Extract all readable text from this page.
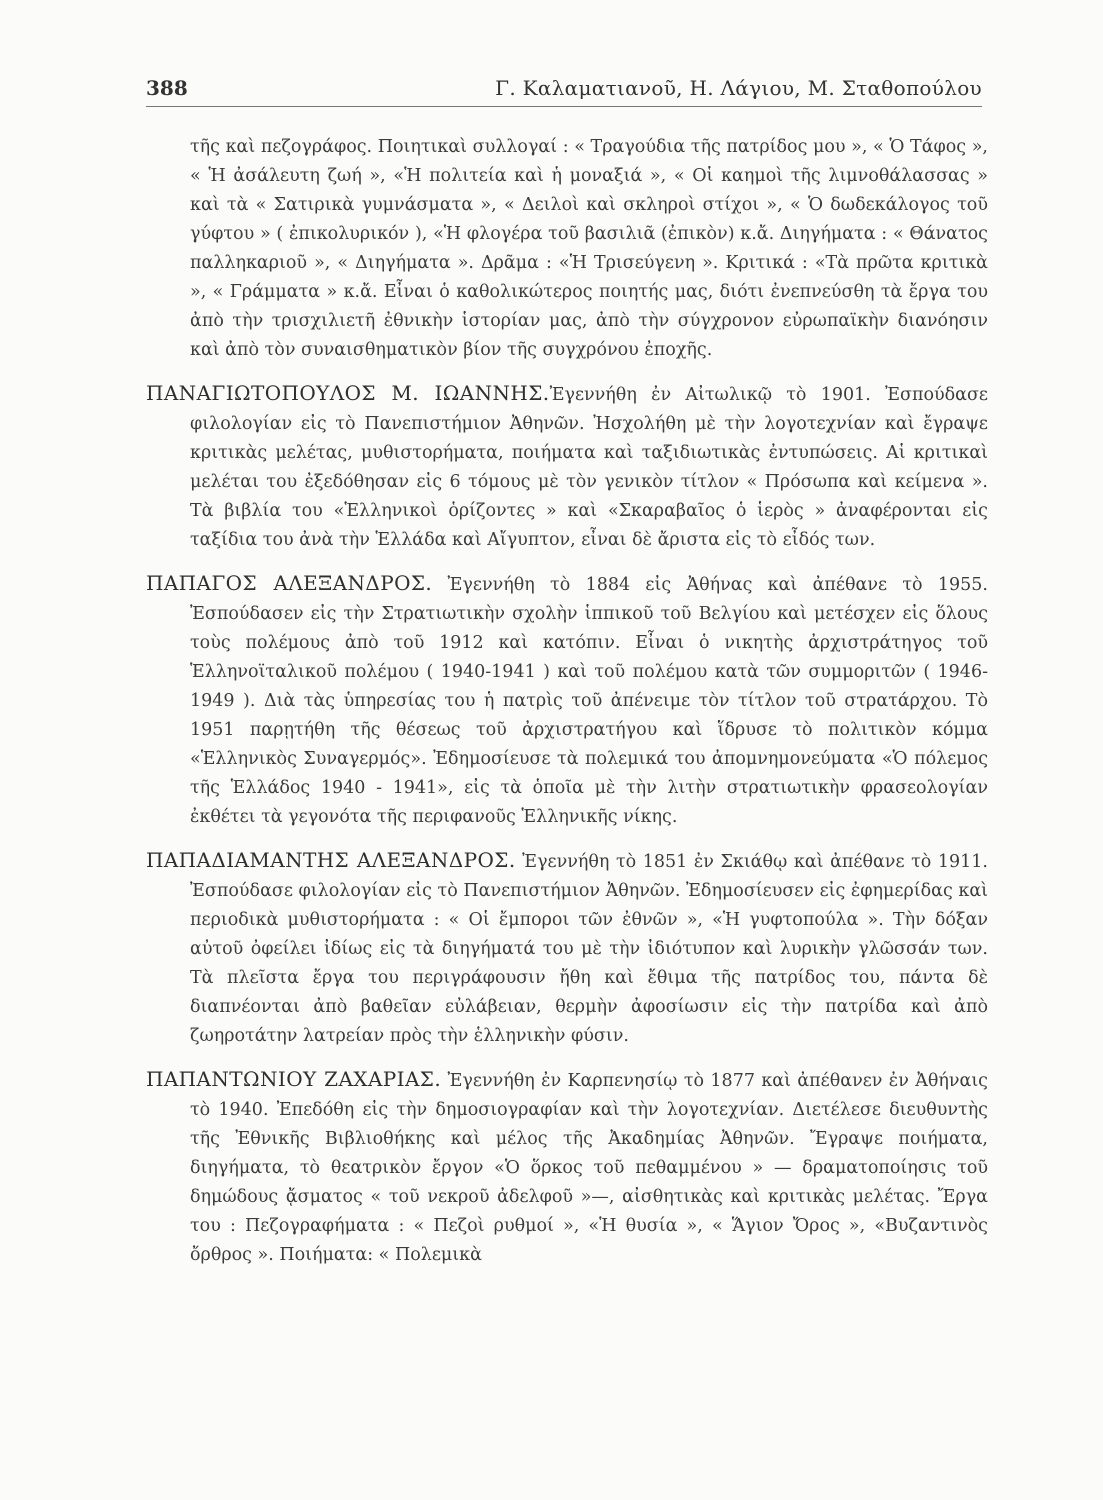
388	Γ. Καλαματιανοῦ, Η. Λάγιου, Μ. Σταθοπούλου

τῆς καὶ πεζογράφος. Ποιητικαὶ συλλογαί : « Τραγούδια τῆς πατρίδος μου », « Ὁ Τάφος », « Ἡ ἀσάλευτη ζωή », «Ἡ πολιτεία καὶ ἡ μοναξιά », « Οἱ καημοὶ τῆς λιμνοθάλασσας » καὶ τὰ « Σατιρικὰ γυμνάσματα », « Δειλοὶ καὶ σκληροὶ στίχοι », « Ὁ δωδεκάλογος τοῦ γύφτου » ( ἐπικολυρικόν ), «Ἡ φλογέρα τοῦ βασιλιᾶ (ἐπικὸν) κ.ἄ. Διηγήματα : « Θάνατος παλληκαριοῦ », « Διηγήματα ». Δρᾶμα : «Ἡ Τρισεύγενη ». Κριτικά : «Τὰ πρῶτα κριτικὰ », « Γράμματα » κ.ἄ. Εἶναι ὁ καθολικώτερος ποιητής μας, διότι ἐνεπνεύσθη τὰ ἔργα του ἀπὸ τὴν τρισχιλιετῆ ἐθνικὴν ἱστορίαν μας, ἀπὸ τὴν σύγχρονον εὐρωπαϊκὴν διανόησιν καὶ ἀπὸ τὸν συναισθηματικὸν βίον τῆς συγχρόνου ἐποχῆς.

ΠΑΝΑΓΙΩΤΟΠΟΥΛΟΣ Μ. ΙΩΑΝΝΗΣ.Ἐγεννήθη ἐν Αἰτωλικῷ τὸ 1901. Ἐσπούδασε φιλολογίαν εἰς τὸ Πανεπιστήμιον Ἀθηνῶν. Ἠσχολήθη μὲ τὴν λογοτεχνίαν καὶ ἔγραψε κριτικὰς μελέτας, μυθιστορήματα, ποιήματα καὶ ταξιδιωτικὰς ἐντυπώσεις. Αἱ κριτικαὶ μελέται του ἐξεδόθησαν εἰς 6 τόμους μὲ τὸν γενικὸν τίτλον « Πρόσωπα καὶ κείμενα ». Τὰ βιβλία του «Ἑλληνικοὶ ὁρίζοντες » καὶ «Σκαραβαῖος ὁ ἱερὸς » ἀναφέρονται εἰς ταξίδια του ἀνὰ τὴν Ἑλλάδα καὶ Αἴγυπτον, εἶναι δὲ ἄριστα εἰς τὸ εἶδός των.

ΠΑΠΑΓΟΣ ΑΛΕΞΑΝΔΡΟΣ. Ἐγεννήθη τὸ 1884 εἰς Ἀθήνας καὶ ἀπέθανε τὸ 1955. Ἐσπούδασεν εἰς τὴν Στρατιωτικὴν σχολὴν ἱππικοῦ τοῦ Βελγίου καὶ μετέσχεν εἰς ὅλους τοὺς πολέμους ἀπὸ τοῦ 1912 καὶ κατόπιν. Εἶναι ὁ νικητὴς ἀρχιστράτηγος τοῦ Ἑλληνοϊταλικοῦ πολέμου ( 1940-1941 ) καὶ τοῦ πολέμου κατὰ τῶν συμμοριτῶν ( 1946-1949 ). Διὰ τὰς ὑπηρεσίας του ἡ πατρὶς τοῦ ἀπένειμε τὸν τίτλον τοῦ στρατάρχου. Τὸ 1951 παρῃτήθη τῆς θέσεως τοῦ ἀρχιστρατήγου καὶ ἵδρυσε τὸ πολιτικὸν κόμμα «Ἑλληνικὸς Συναγερμός». Ἐδημοσίευσε τὰ πολεμικά του ἀπομνημονεύματα «Ὁ πόλεμος τῆς Ἑλλάδος 1940 - 1941», εἰς τὰ ὁποῖα μὲ τὴν λιτὴν στρατιωτικὴν φρασεολογίαν ἐκθέτει τὰ γεγονότα τῆς περιφανοῦς Ἑλληνικῆς νίκης.

ΠΑΠΑΔΙΑΜΑΝΤΗΣ ΑΛΕΞΑΝΔΡΟΣ. Ἐγεννήθη τὸ 1851 ἐν Σκιάθῳ καὶ ἀπέθανε τὸ 1911. Ἐσπούδασε φιλολογίαν εἰς τὸ Πανεπιστήμιον Ἀθηνῶν. Ἐδημοσίευσεν εἰς ἐφημερίδας καὶ περιοδικὰ μυθιστορήματα : « Οἱ ἔμποροι τῶν ἐθνῶν », «Ἡ γυφτοπούλα ». Τὴν δόξαν αὐτοῦ ὀφείλει ἰδίως εἰς τὰ διηγήματά του μὲ τὴν ἰδιότυπον καὶ λυρικὴν γλῶσσάν των. Τὰ πλεῖστα ἔργα του περιγράφουσιν ἤθη καὶ ἔθιμα τῆς πατρίδος του, πάντα δὲ διαπνέονται ἀπὸ βαθεῖαν εὐλάβειαν, θερμὴν ἀφοσίωσιν εἰς τὴν πατρίδα καὶ ἀπὸ ζωηροτάτην λατρείαν πρὸς τὴν ἑλληνικὴν φύσιν.

ΠΑΠΑΝΤΩΝΙΟΥ ΖΑΧΑΡΙΑΣ. Ἐγεννήθη ἐν Καρπενησίῳ τὸ 1877 καὶ ἀπέθανεν ἐν Ἀθήναις τὸ 1940. Ἐπεδόθη εἰς τὴν δημοσιογραφίαν καὶ τὴν λογοτεχνίαν. Διετέλεσε διευθυντὴς τῆς Ἐθνικῆς Βιβλιοθήκης καὶ μέλος τῆς Ἀκαδημίας Ἀθηνῶν. Ἔγραψε ποιήματα, διηγήματα, τὸ θεατρικὸν ἔργον «Ὁ ὅρκος τοῦ πεθαμμένου » — δραματοποίησις τοῦ δημώδους ᾄσματος « τοῦ νεκροῦ ἀδελφοῦ »—, αἰσθητικὰς καὶ κριτικὰς μελέτας. Ἔργα του : Πεζογραφήματα : « Πεζοὶ ρυθμοί », «Ἡ θυσία », « Ἅγιον Ὄρος », «Βυζαντινὸς ὄρθρος ». Ποιήματα: « Πολεμικὰ
